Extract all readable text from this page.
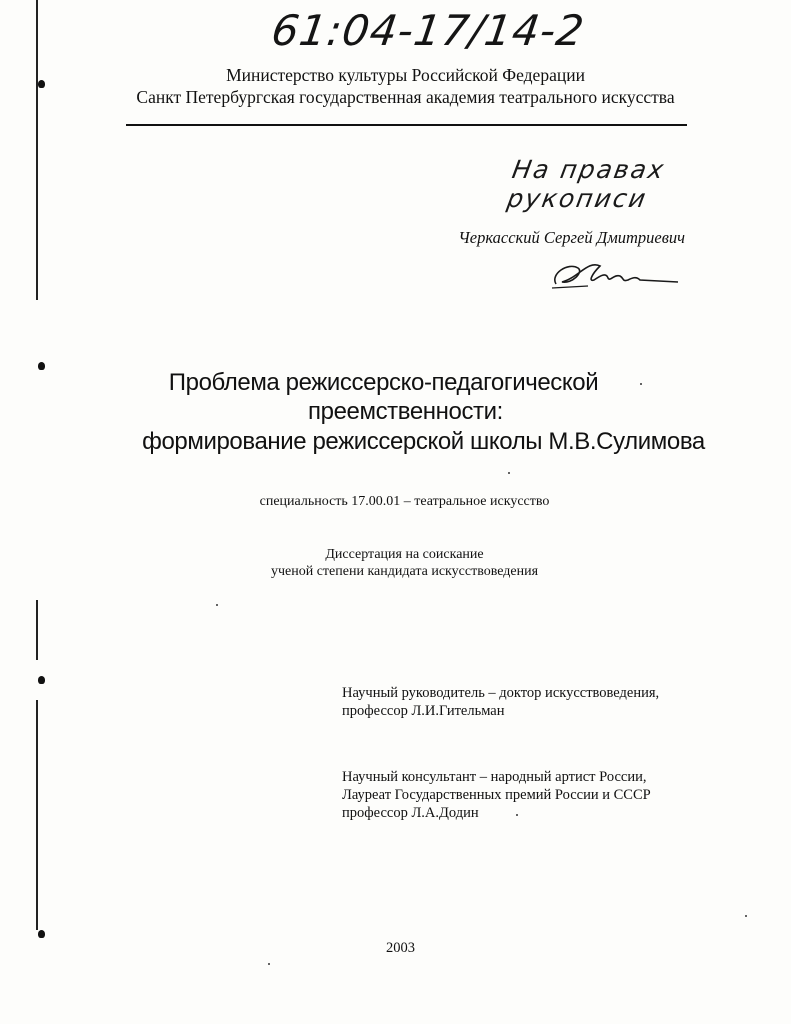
61:04-17/14-2
Министерство культуры Российской Федерации
Санкт Петербургская государственная академия театрального искусства
На правах рукописи
Черкасский Сергей Дмитриевич
Проблема режиссерско-педагогической
преемственности:
формирование режиссерской школы М.В.Сулимова
специальность 17.00.01 – театральное искусство
Диссертация на соискание
ученой степени кандидата искусствоведения
Научный руководитель – доктор искусствоведения,
профессор Л.И.Гительман
Научный консультант – народный артист России,
Лауреат Государственных премий России и СССР
профессор Л.А.Додин
2003
